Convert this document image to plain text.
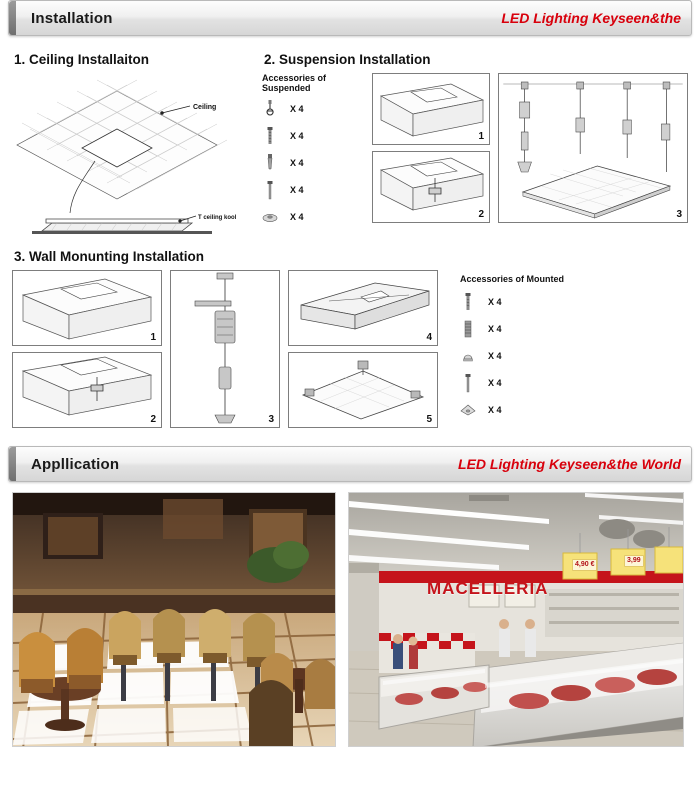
Installation	LED Lighting Keyseen&the
1. Ceiling Installaiton
Ceiling
T ceiling kool
2. Suspension Installation
Accessories of Suspended
X 4
X 4
X 4
X 4
X 4
1
2	3
3. Wall Monunting Installation
1
2	3
4
5
Accessories of Mounted
X 4
X 4
X 4
X 4
X 4
Appllication	LED Lighting Keyseen&the World
MACELLERIA
4,90 €
3,99
